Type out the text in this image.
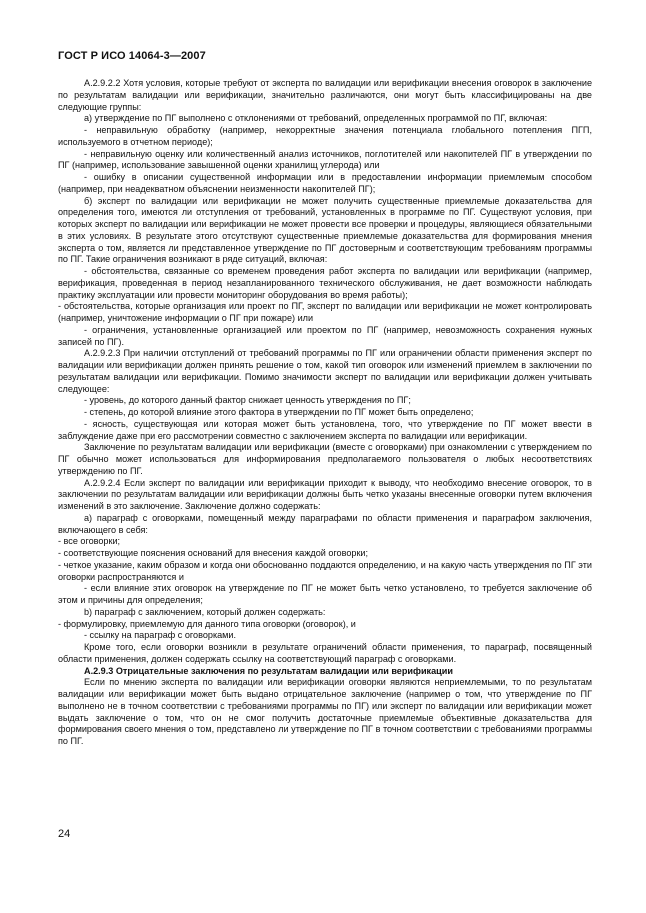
ГОСТ Р ИСО 14064-3—2007

A.2.9.2.2 Хотя условия, которые требуют от эксперта по валидации или верификации внесения оговорок в заключение по результатам валидации или верификации, значительно различаются, они могут быть классифицированы на две следующие группы:

а) утверждение по ПГ выполнено с отклонениями от требований, определенных программой по ПГ, включая:

- неправильную обработку (например, некорректные значения потенциала глобального потепления ПГП, используемого в отчетном периоде);

- неправильную оценку или количественный анализ источников, поглотителей или накопителей ПГ в утверждении по ПГ (например, использование завышенной оценки хранилищ углерода) или

- ошибку в описании существенной информации или в предоставлении информации приемлемым способом (например, при неадекватном объяснении неизменности накопителей ПГ);

б) эксперт по валидации или верификации не может получить существенные приемлемые доказательства для определения того, имеются ли отступления от требований, установленных в программе по ПГ. Существуют условия, при которых эксперт по валидации или верификации не может провести все проверки и процедуры, являющиеся обязательными в этих условиях. В результате этого отсутствуют существенные приемлемые доказательства для формирования мнения эксперта о том, является ли представленное утверждение по ПГ достоверным и соответствующим требованиям программы по ПГ. Такие ограничения возникают в ряде ситуаций, включая:

- обстоятельства, связанные со временем проведения работ эксперта по валидации или верификации (например, верификация, проведенная в период незапланированного технического обслуживания, не дает возможности наблюдать практику эксплуатации или провести мониторинг оборудования во время работы);

- обстоятельства, которые организация или проект по ПГ, эксперт по валидации или верификации не может контролировать (например, уничтожение информации о ПГ при пожаре) или

- ограничения, установленные организацией или проектом по ПГ (например, невозможность сохранения нужных записей по ПГ).

A.2.9.2.3 При наличии отступлений от требований программы по ПГ или ограничении области применения эксперт по валидации или верификации должен принять решение о том, какой тип оговорок или изменений приемлем в заключении по результатам валидации или верификации. Помимо значимости эксперт по валидации или верификации должен учитывать следующее:

- уровень, до которого данный фактор снижает ценность утверждения по ПГ;

- степень, до которой влияние этого фактора в утверждении по ПГ может быть определено;

- ясность, существующая или которая может быть установлена, того, что утверждение по ПГ может ввести в заблуждение даже при его рассмотрении совместно с заключением эксперта по валидации или верификации.

Заключение по результатам валидации или верификации (вместе с оговорками) при ознакомлении с утверждением по ПГ обычно может использоваться для информирования предполагаемого пользователя о любых несоответствиях утверждению по ПГ.

A.2.9.2.4 Если эксперт по валидации или верификации приходит к выводу, что необходимо внесение оговорок, то в заключении по результатам валидации или верификации должны быть четко указаны внесенные оговорки путем включения изменений в это заключение. Заключение должно содержать:

а) параграф с оговорками, помещенный между параграфами по области применения и параграфом заключения, включающего в себя:

- все оговорки;

- соответствующие пояснения оснований для внесения каждой оговорки;

- четкое указание, каким образом и когда они обоснованно поддаются определению, и на какую часть утверждения по ПГ эти оговорки распространяются и

- если влияние этих оговорок на утверждение по ПГ не может быть четко установлено, то требуется заключение об этом и причины для определения;

b) параграф с заключением, который должен содержать:

- формулировку, приемлемую для данного типа оговорки (оговорок), и

- ссылку на параграф с оговорками.

Кроме того, если оговорки возникли в результате ограничений области применения, то параграф, посвященный области применения, должен содержать ссылку на соответствующий параграф с оговорками.

A.2.9.3 Отрицательные заключения по результатам валидации или верификации

Если по мнению эксперта по валидации или верификации оговорки являются неприемлемыми, то по результатам валидации или верификации может быть выдано отрицательное заключение (например о том, что утверждение по ПГ выполнено не в точном соответствии с требованиями программы по ПГ) или эксперт по валидации или верификации может выдать заключение о том, что он не смог получить достаточные приемлемые объективные доказательства для формирования своего мнения о том, представлено ли утверждение по ПГ в точном соответствии с требованиями программы по ПГ.

24
